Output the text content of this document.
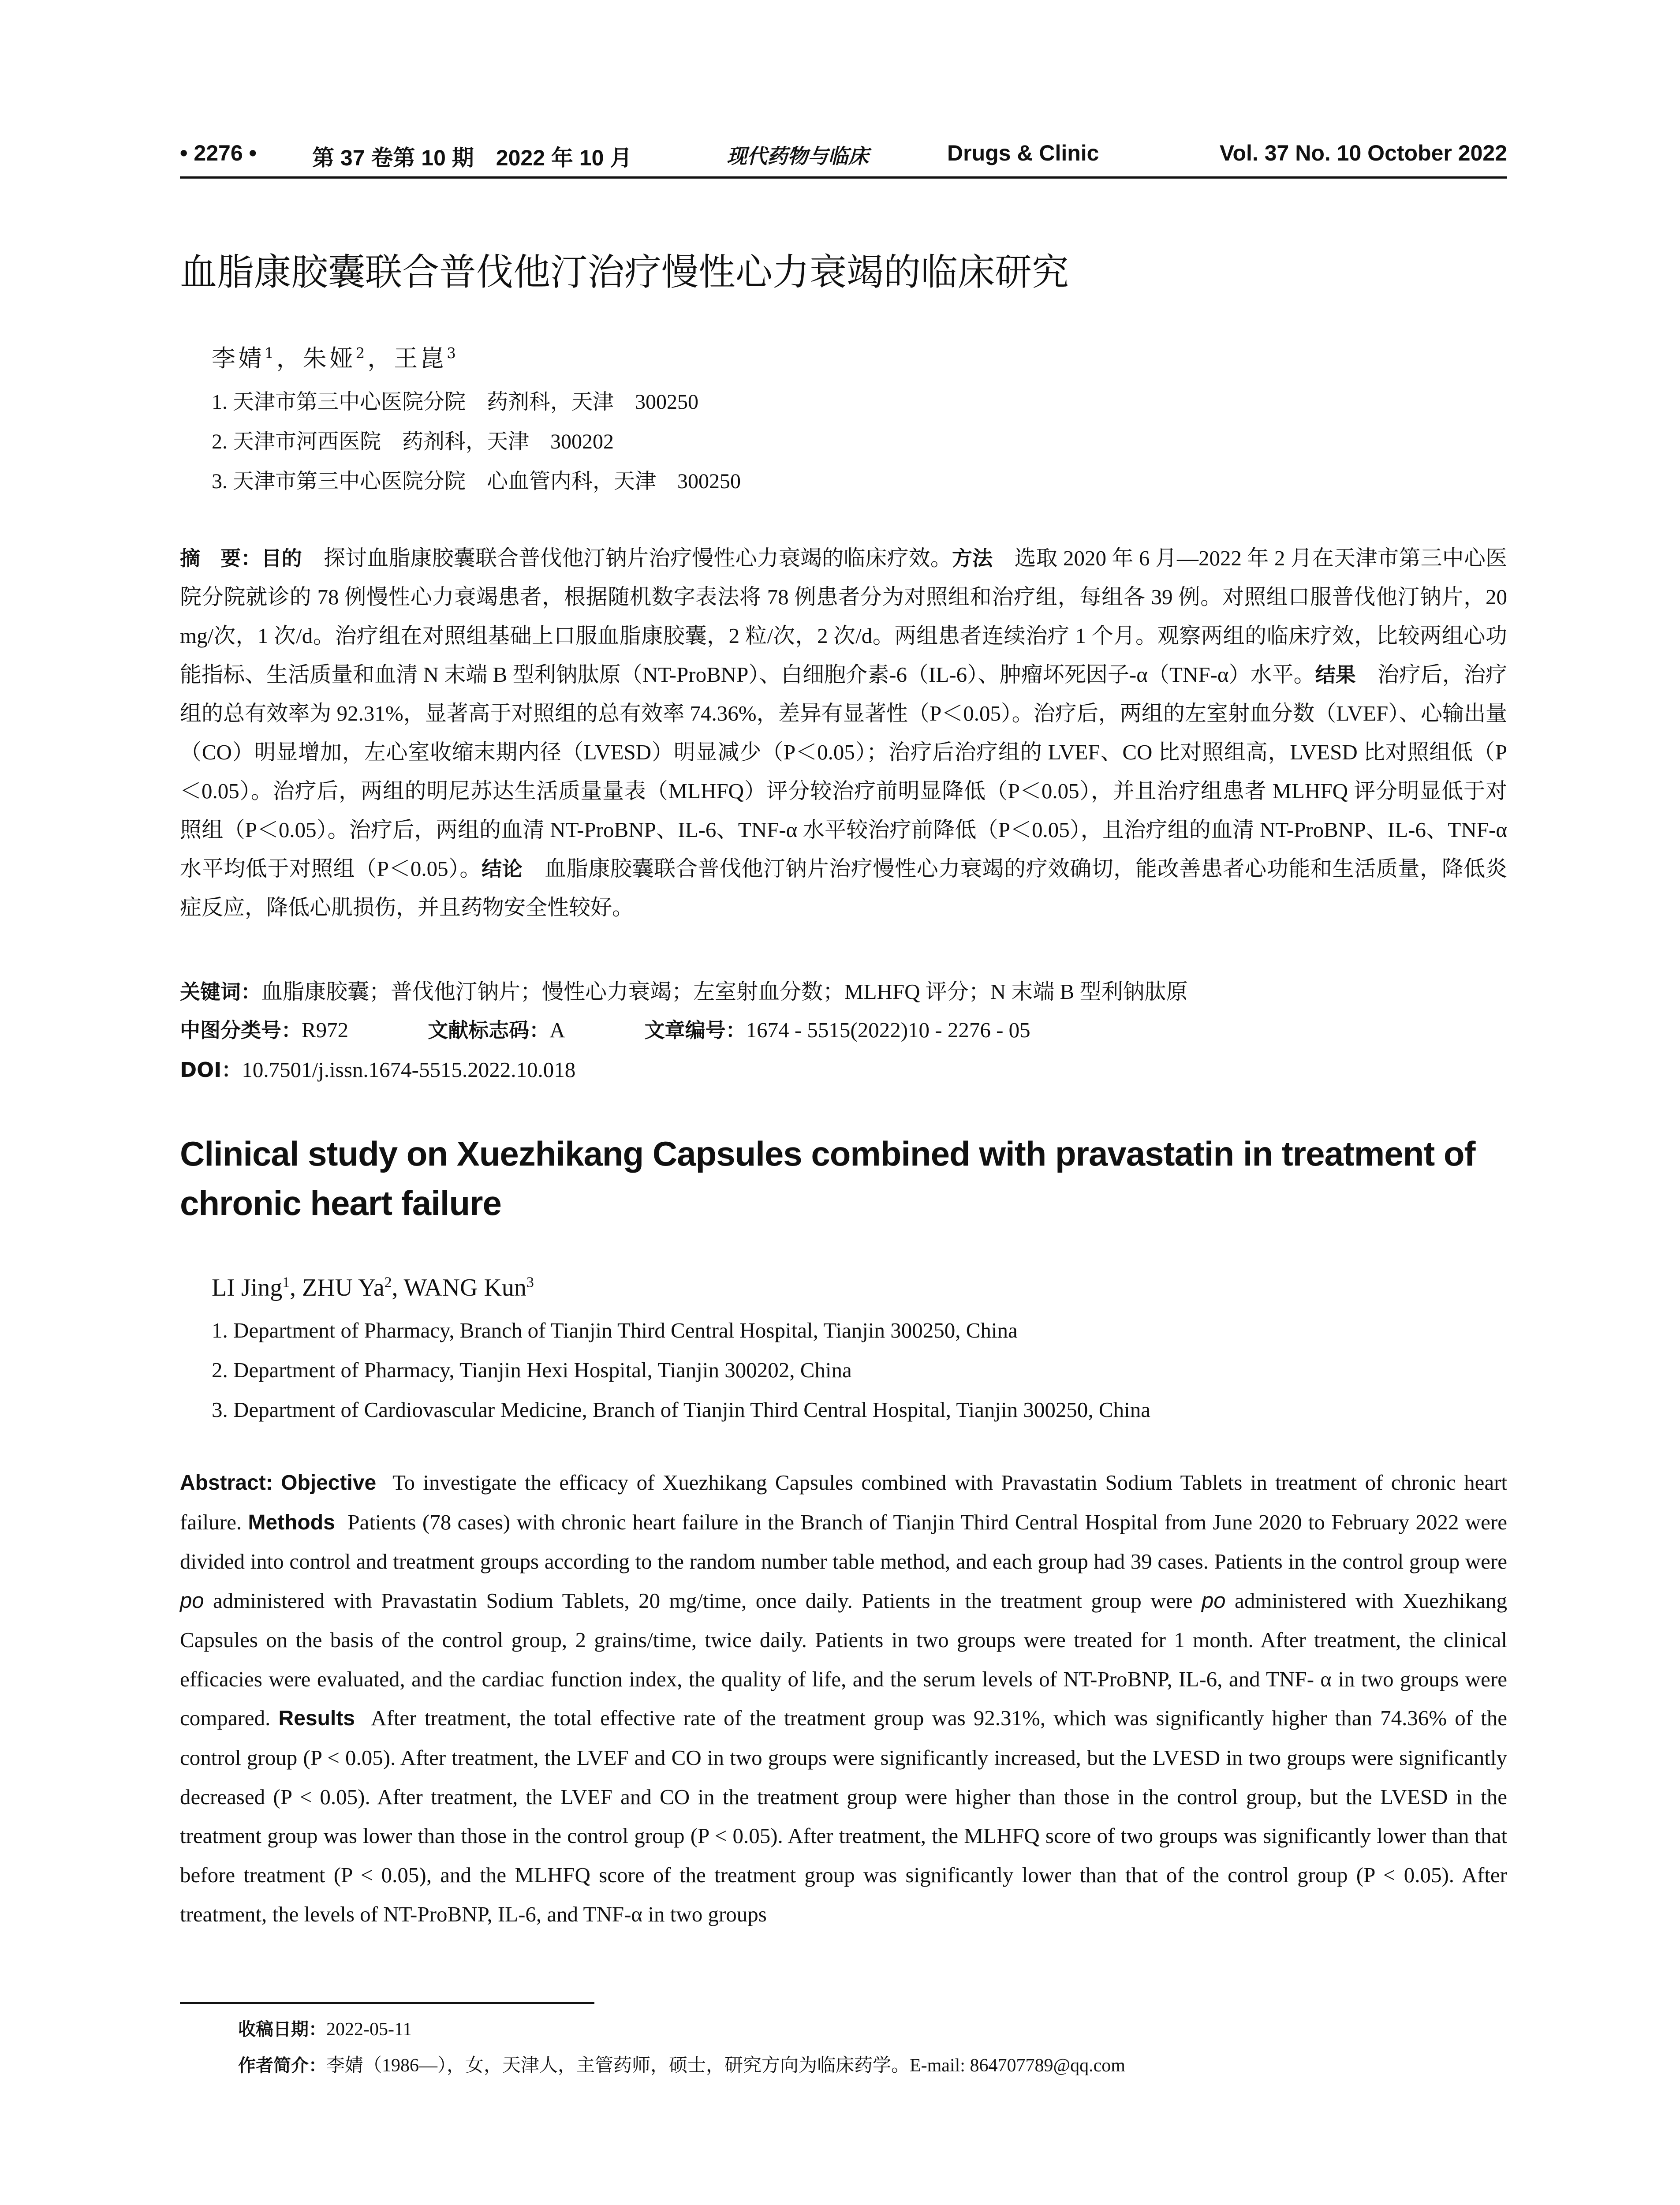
• 2276 •	第 37 卷第 10 期　2022 年 10 月	现代药物与临床	Drugs & Clinic	Vol. 37 No. 10 October 2022
血脂康胶囊联合普伐他汀治疗慢性心力衰竭的临床研究
李婧$^1$，朱娅$^2$，王崑$^3$
1. 天津市第三中心医院分院　药剂科，天津　300250
2. 天津市河西医院　药剂科，天津　300202
3. 天津市第三中心医院分院　心血管内科，天津　300250
摘　要：目的　探讨血脂康胶囊联合普伐他汀钠片治疗慢性心力衰竭的临床疗效。方法　选取 2020 年 6 月—2022 年 2 月在天津市第三中心医院分院就诊的 78 例慢性心力衰竭患者，根据随机数字表法将 78 例患者分为对照组和治疗组，每组各 39 例。对照组口服普伐他汀钠片，20 mg/次，1 次/d。治疗组在对照组基础上口服血脂康胶囊，2 粒/次，2 次/d。两组患者连续治疗 1 个月。观察两组的临床疗效，比较两组心功能指标、生活质量和血清 N 末端 B 型利钠肽原（NT-ProBNP）、白细胞介素-6（IL-6）、肿瘤坏死因子-α（TNF-α）水平。结果　治疗后，治疗组的总有效率为 92.31%，显著高于对照组的总有效率 74.36%，差异有显著性（P＜0.05）。治疗后，两组的左室射血分数（LVEF）、心输出量（CO）明显增加，左心室收缩末期内径（LVESD）明显减少（P＜0.05）；治疗后治疗组的 LVEF、CO 比对照组高，LVESD 比对照组低（P＜0.05）。治疗后，两组的明尼苏达生活质量量表（MLHFQ）评分较治疗前明显降低（P＜0.05），并且治疗组患者 MLHFQ 评分明显低于对照组（P＜0.05）。治疗后，两组的血清 NT-ProBNP、IL-6、TNF-α 水平较治疗前降低（P＜0.05），且治疗组的血清 NT-ProBNP、IL-6、TNF-α 水平均低于对照组（P＜0.05）。结论　血脂康胶囊联合普伐他汀钠片治疗慢性心力衰竭的疗效确切，能改善患者心功能和生活质量，降低炎症反应，降低心肌损伤，并且药物安全性较好。
关键词：血脂康胶囊；普伐他汀钠片；慢性心力衰竭；左室射血分数；MLHFQ 评分；N 末端 B 型利钠肽原
中图分类号：R972	文献标志码：A	文章编号：1674 - 5515(2022)10 - 2276 - 05
DOI：10.7501/j.issn.1674-5515.2022.10.018
Clinical study on Xuezhikang Capsules combined with pravastatin in treatment of chronic heart failure
LI Jing$^1$, ZHU Ya$^2$, WANG Kun$^3$
1. Department of Pharmacy, Branch of Tianjin Third Central Hospital, Tianjin 300250, China
2. Department of Pharmacy, Tianjin Hexi Hospital, Tianjin 300202, China
3. Department of Cardiovascular Medicine, Branch of Tianjin Third Central Hospital, Tianjin 300250, China
Abstract: Objective To investigate the efficacy of Xuezhikang Capsules combined with Pravastatin Sodium Tablets in treatment of chronic heart failure. Methods Patients (78 cases) with chronic heart failure in the Branch of Tianjin Third Central Hospital from June 2020 to February 2022 were divided into control and treatment groups according to the random number table method, and each group had 39 cases. Patients in the control group were po administered with Pravastatin Sodium Tablets, 20 mg/time, once daily. Patients in the treatment group were po administered with Xuezhikang Capsules on the basis of the control group, 2 grains/time, twice daily. Patients in two groups were treated for 1 month. After treatment, the clinical efficacies were evaluated, and the cardiac function index, the quality of life, and the serum levels of NT-ProBNP, IL-6, and TNF- α in two groups were compared. Results After treatment, the total effective rate of the treatment group was 92.31%, which was significantly higher than 74.36% of the control group (P < 0.05). After treatment, the LVEF and CO in two groups were significantly increased, but the LVESD in two groups were significantly decreased (P < 0.05). After treatment, the LVEF and CO in the treatment group were higher than those in the control group, but the LVESD in the treatment group was lower than those in the control group (P < 0.05). After treatment, the MLHFQ score of two groups was significantly lower than that before treatment (P < 0.05), and the MLHFQ score of the treatment group was significantly lower than that of the control group (P < 0.05). After treatment, the levels of NT-ProBNP, IL-6, and TNF-α in two groups
收稿日期：2022-05-11
作者简介：李婧（1986—），女，天津人，主管药师，硕士，研究方向为临床药学。E-mail: 864707789@qq.com
